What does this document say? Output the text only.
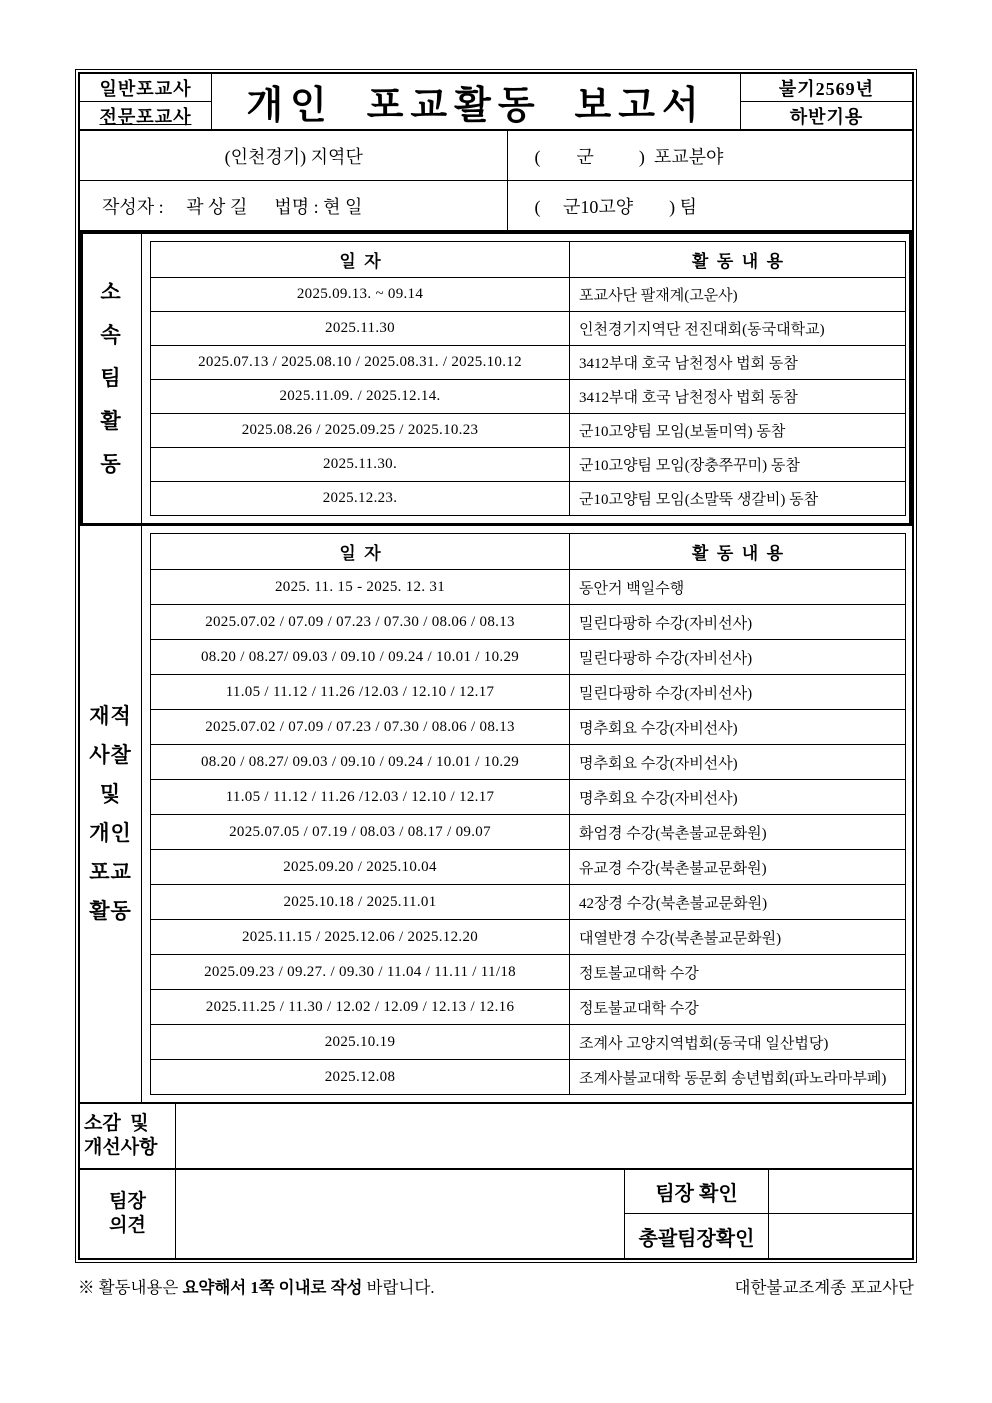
일반포교사
전문포교사	개인  포교활동  보고서	불기2569년
하반기용
(인천경기) 지역단	(        군          )  포교분야
작성자 :     곽 상 길      법명 : 현 일	(     군10고양        ) 팀
소
속
팀
활
동
일  자	활  동  내  용
2025.09.13. ~ 09.14	포교사단 팔재계(고운사)
2025.11.30	인천경기지역단 전진대회(동국대학교)
2025.07.13 / 2025.08.10 / 2025.08.31. / 2025.10.12	3412부대 호국 남천정사 법회 동참
2025.11.09. / 2025.12.14.	3412부대 호국 남천정사 법회 동참
2025.08.26 / 2025.09.25 / 2025.10.23	군10고양팀 모임(보돌미역) 동참
2025.11.30.	군10고양팀 모임(장충쭈꾸미) 동참
2025.12.23.	군10고양팀 모임(소말뚝 생갈비) 동참
재적
사찰
및
개인
포교
활동
일  자	활  동  내  용
2025. 11. 15 - 2025. 12. 31	동안거 백일수행
2025.07.02 / 07.09 / 07.23 / 07.30 / 08.06 / 08.13	밀린다팡하 수강(자비선사)
08.20 / 08.27/ 09.03 / 09.10 / 09.24 / 10.01 / 10.29	밀린다팡하 수강(자비선사)
11.05 / 11.12 / 11.26 /12.03 / 12.10 / 12.17	밀린다팡하 수강(자비선사)
2025.07.02 / 07.09 / 07.23 / 07.30 / 08.06 / 08.13	명추회요 수강(자비선사)
08.20 / 08.27/ 09.03 / 09.10 / 09.24 / 10.01 / 10.29	명추회요 수강(자비선사)
11.05 / 11.12 / 11.26 /12.03 / 12.10 / 12.17	명추회요 수강(자비선사)
2025.07.05 / 07.19 / 08.03 / 08.17 / 09.07	화엄경 수강(북촌불교문화원)
2025.09.20 / 2025.10.04	유교경 수강(북촌불교문화원)
2025.10.18 / 2025.11.01	42장경 수강(북촌불교문화원)
2025.11.15 / 2025.12.06 / 2025.12.20	대열반경 수강(북촌불교문화원)
2025.09.23 / 09.27. / 09.30 / 11.04 / 11.11 / 11/18	정토불교대학 수강
2025.11.25 / 11.30 / 12.02 / 12.09 / 12.13 / 12.16	정토불교대학 수강
2025.10.19	조계사 고양지역법회(동국대 일산법당)
2025.12.08	조계사불교대학 동문회 송년법회(파노라마부페)
소감  및
개선사항
팀장
의견
팀장 확인
총괄팀장확인
※ 활동내용은 요약해서 1쪽 이내로 작성 바랍니다.	대한불교조계종 포교사단
